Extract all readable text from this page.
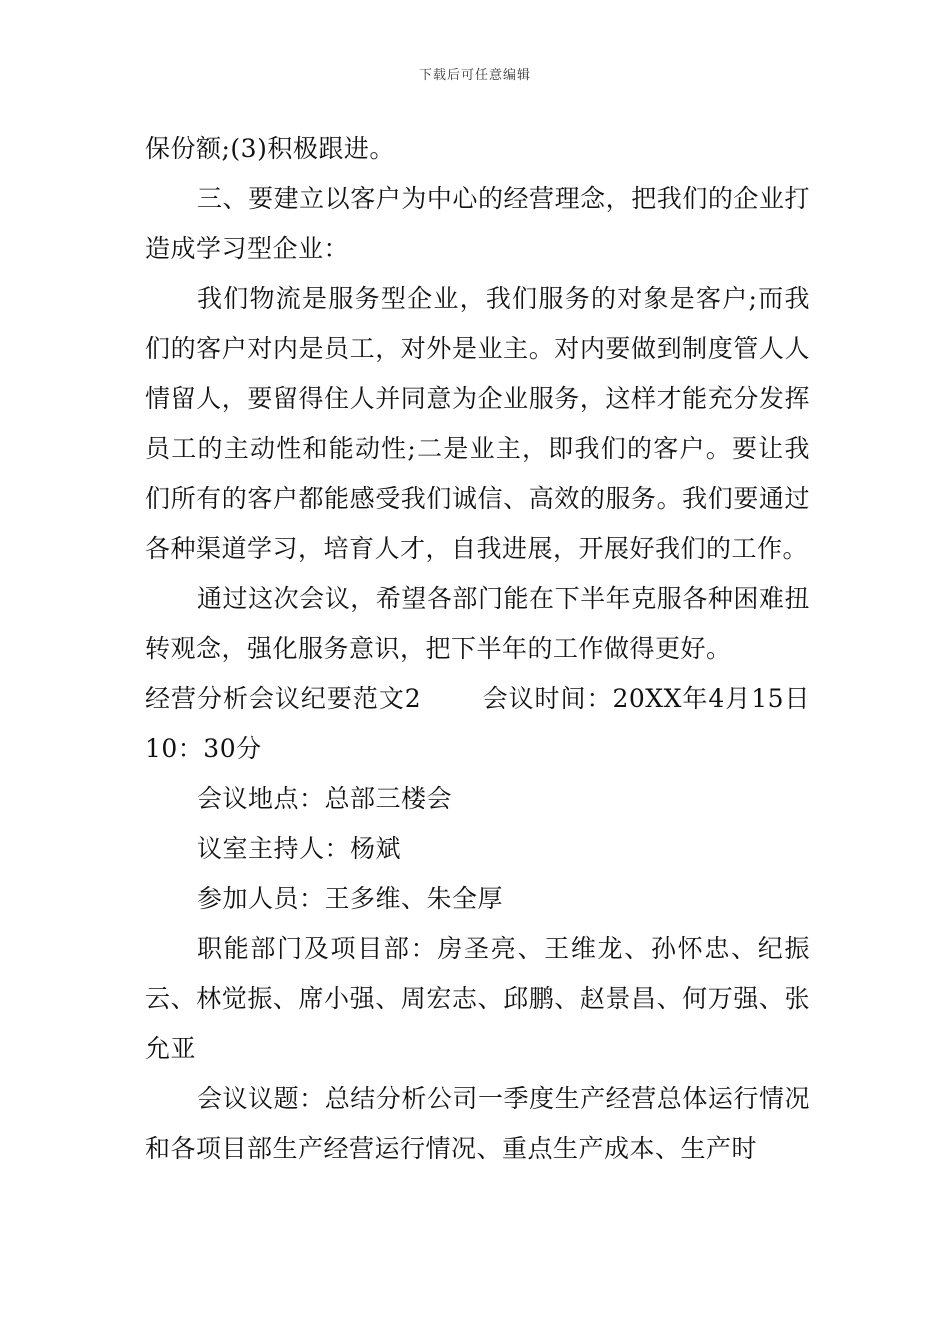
下载后可任意编辑

保份额;(3)积极跟进。

三、要建立以客户为中心的经营理念，把我们的企业打造成学习型企业：

我们物流是服务型企业，我们服务的对象是客户;而我们的客户对内是员工，对外是业主。对内要做到制度管人人情留人，要留得住人并同意为企业服务，这样才能充分发挥员工的主动性和能动性;二是业主，即我们的客户。要让我们所有的客户都能感受我们诚信、高效的服务。我们要通过各种渠道学习，培育人才，自我进展，开展好我们的工作。

通过这次会议，希望各部门能在下半年克服各种困难扭转观念，强化服务意识，把下半年的工作做得更好。

经营分析会议纪要范文2　　 会议时间：20XX年4月15日10：30分

会议地点：总部三楼会

议室主持人：杨斌

参加人员：王多维、朱全厚

职能部门及项目部：房圣亮、王维龙、孙怀忠、纪振云、林觉振、席小强、周宏志、邱鹏、赵景昌、何万强、张允亚

会议议题：总结分析公司一季度生产经营总体运行情况和各项目部生产经营运行情况、重点生产成本、生产时
